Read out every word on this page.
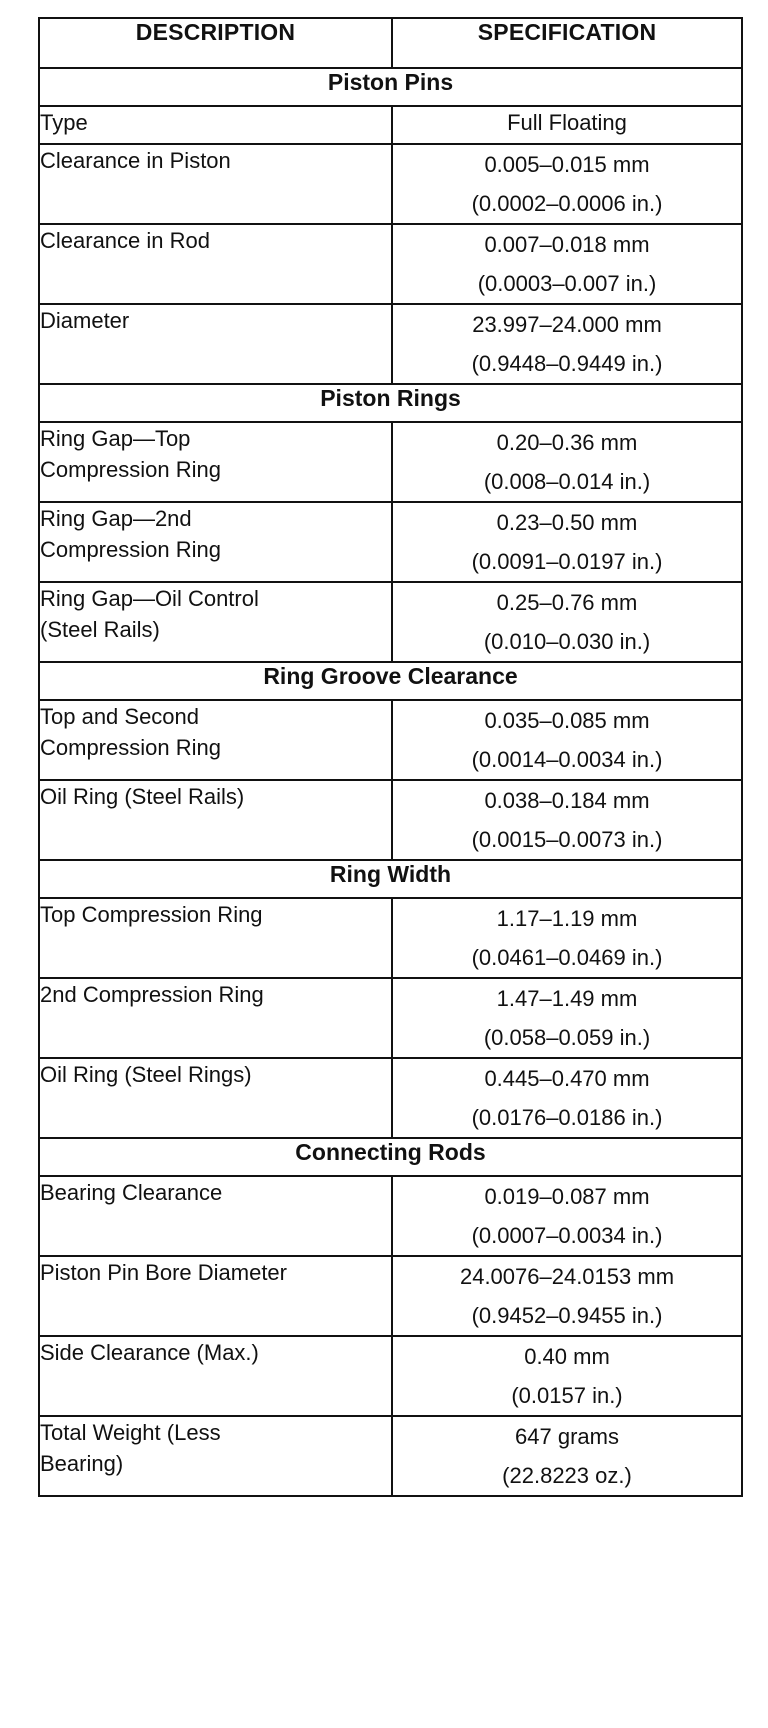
DESCRIPTION	SPECIFICATION
Piston Pins	

Type	Full Floating

Clearance in Piston	0.005–0.015 mm
(0.0002–0.0006 in.)

Clearance in Rod	0.007–0.018 mm
(0.0003–0.007 in.)

Diameter	23.997–24.000 mm
(0.9448–0.9449 in.)

Piston Rings	

Ring Gap—Top
Compression Ring	0.20–0.36 mm
(0.008–0.014 in.)

Ring Gap—2nd
Compression Ring	0.23–0.50 mm
(0.0091–0.0197 in.)

Ring Gap—Oil Control
(Steel Rails)	0.25–0.76 mm
(0.010–0.030 in.)

Ring Groove Clearance	

Top and Second
Compression Ring	0.035–0.085 mm
(0.0014–0.0034 in.)

Oil Ring (Steel Rails)	0.038–0.184 mm
(0.0015–0.0073 in.)

Ring Width	

Top Compression Ring	1.17–1.19 mm
(0.0461–0.0469 in.)

2nd Compression Ring	1.47–1.49 mm
(0.058–0.059 in.)

Oil Ring (Steel Rings)	0.445–0.470 mm
(0.0176–0.0186 in.)

Connecting Rods	

Bearing Clearance	0.019–0.087 mm
(0.0007–0.0034 in.)

Piston Pin Bore Diameter	24.0076–24.0153 mm
(0.9452–0.9455 in.)

Side Clearance (Max.)	0.40 mm
(0.0157 in.)

Total Weight (Less
Bearing)	647 grams
(22.8223 oz.)
